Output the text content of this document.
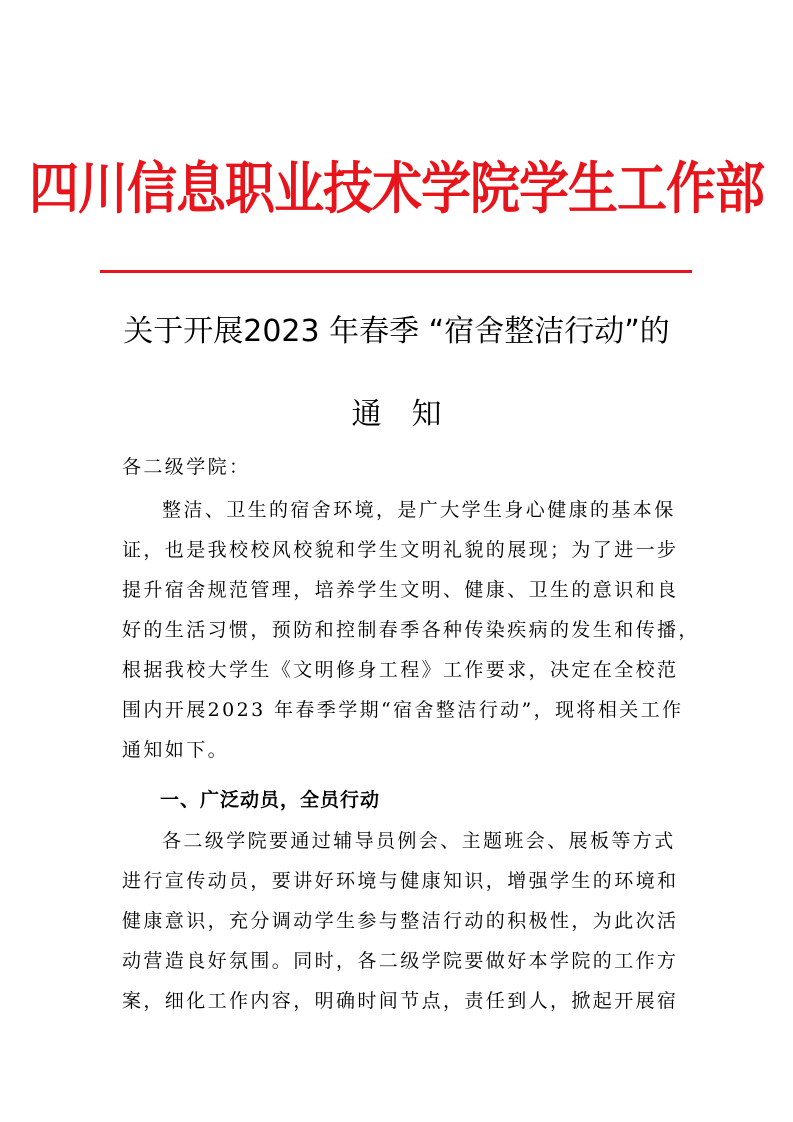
四川信息职业技术学院学生工作部
关于开展2023 年春季 “宿舍整洁行动”的
通知
各二级学院：
整洁、卫生的宿舍环境，是广大学生身心健康的基本保
证，也是我校校风校貌和学生文明礼貌的展现；为了进一步
提升宿舍规范管理，培养学生文明、健康、卫生的意识和良
好的生活习惯，预防和控制春季各种传染疾病的发生和传播，
根据我校大学生《文明修身工程》工作要求，决定在全校范
围内开展2023 年春季学期“宿舍整洁行动”，现将相关工作
通知如下。
一、广泛动员，全员行动
各二级学院要通过辅导员例会、主题班会、展板等方式
进行宣传动员，要讲好环境与健康知识，增强学生的环境和
健康意识，充分调动学生参与整洁行动的积极性，为此次活
动营造良好氛围。同时，各二级学院要做好本学院的工作方
案，细化工作内容，明确时间节点，责任到人，掀起开展宿
